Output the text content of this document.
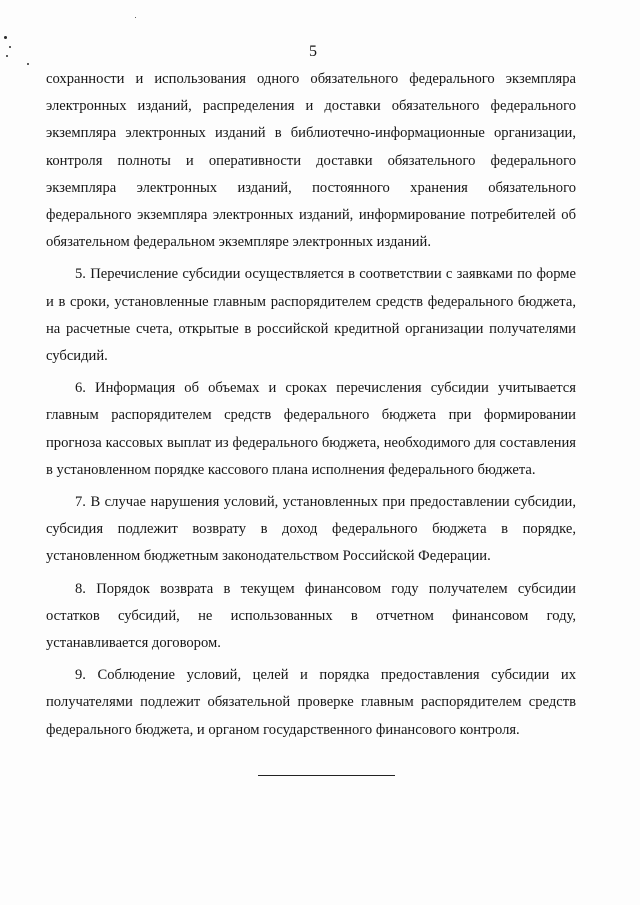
5

сохранности и использования одного обязательного федерального экземпляра электронных изданий, распределения и доставки обязательного федерального экземпляра электронных изданий в библиотечно-информационные организации, контроля полноты и оперативности доставки обязательного федерального экземпляра электронных изданий, постоянного хранения обязательного федерального экземпляра электронных изданий, информирование потребителей об обязательном федеральном экземпляре электронных изданий.

5. Перечисление субсидии осуществляется в соответствии с заявками по форме и в сроки, установленные главным распорядителем средств федерального бюджета, на расчетные счета, открытые в российской кредитной организации получателями субсидий.

6. Информация об объемах и сроках перечисления субсидии учитывается главным распорядителем средств федерального бюджета при формировании прогноза кассовых выплат из федерального бюджета, необходимого для составления в установленном порядке кассового плана исполнения федерального бюджета.

7. В случае нарушения условий, установленных при предоставлении субсидии, субсидия подлежит возврату в доход федерального бюджета в порядке, установленном бюджетным законодательством Российской Федерации.

8. Порядок возврата в текущем финансовом году получателем субсидии остатков субсидий, не использованных в отчетном финансовом году, устанавливается договором.

9. Соблюдение условий, целей и порядка предоставления субсидии их получателями подлежит обязательной проверке главным распорядителем средств федерального бюджета, и органом государственного финансового контроля.
